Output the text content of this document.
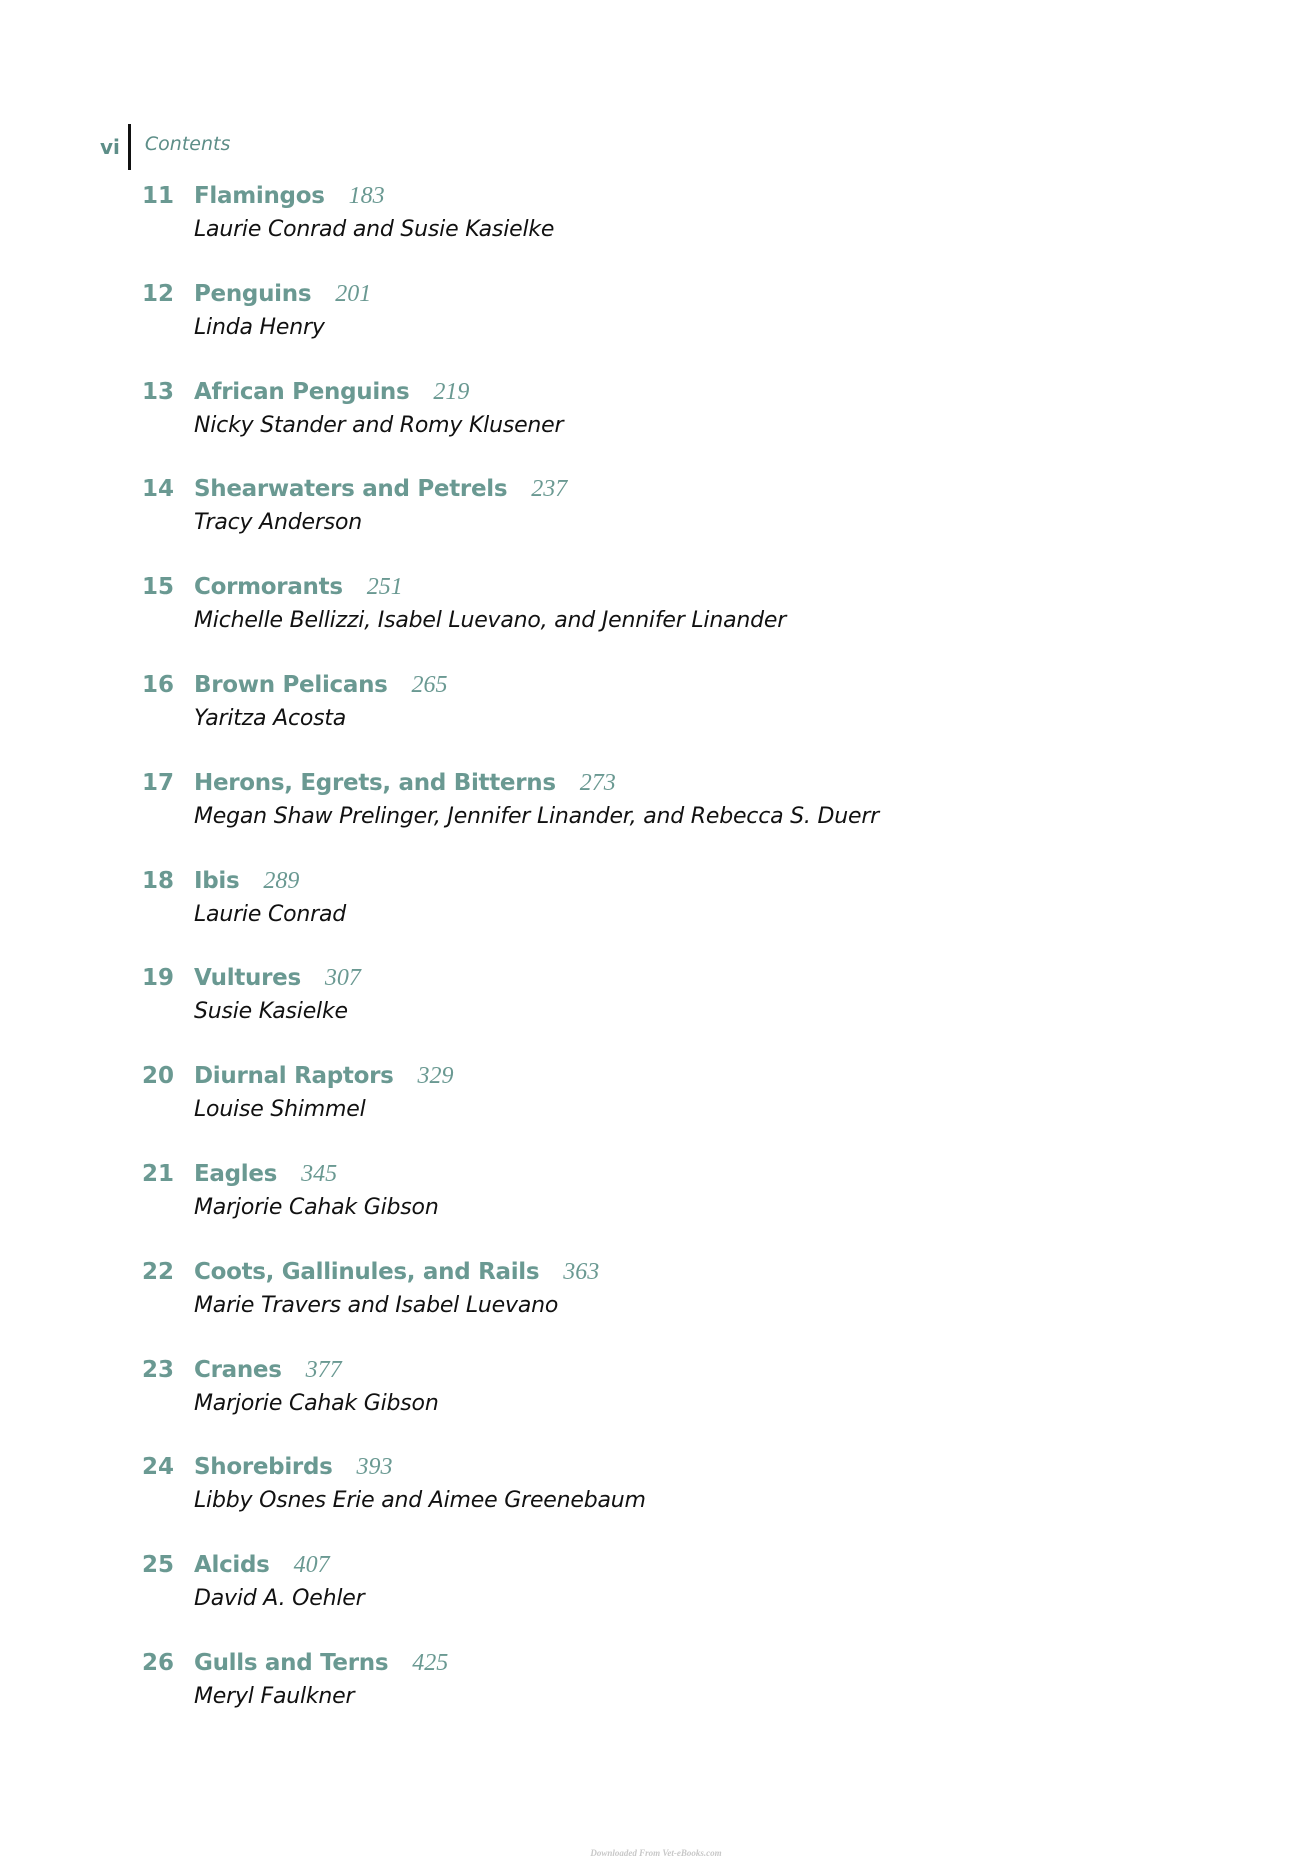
vi	Contents
11 Flamingos 183
Laurie Conrad and Susie Kasielke
12 Penguins 201
Linda Henry
13 African Penguins 219
Nicky Stander and Romy Klusener
14 Shearwaters and Petrels 237
Tracy Anderson
15 Cormorants 251
Michelle Bellizzi, Isabel Luevano, and Jennifer Linander
16 Brown Pelicans 265
Yaritza Acosta
17 Herons, Egrets, and Bitterns 273
Megan Shaw Prelinger, Jennifer Linander, and Rebecca S. Duerr
18 Ibis 289
Laurie Conrad
19 Vultures 307
Susie Kasielke
20 Diurnal Raptors 329
Louise Shimmel
21 Eagles 345
Marjorie Cahak Gibson
22 Coots, Gallinules, and Rails 363
Marie Travers and Isabel Luevano
23 Cranes 377
Marjorie Cahak Gibson
24 Shorebirds 393
Libby Osnes Erie and Aimee Greenebaum
25 Alcids 407
David A. Oehler
26 Gulls and Terns 425
Meryl Faulkner
Downloaded From Vet-eBooks.com
